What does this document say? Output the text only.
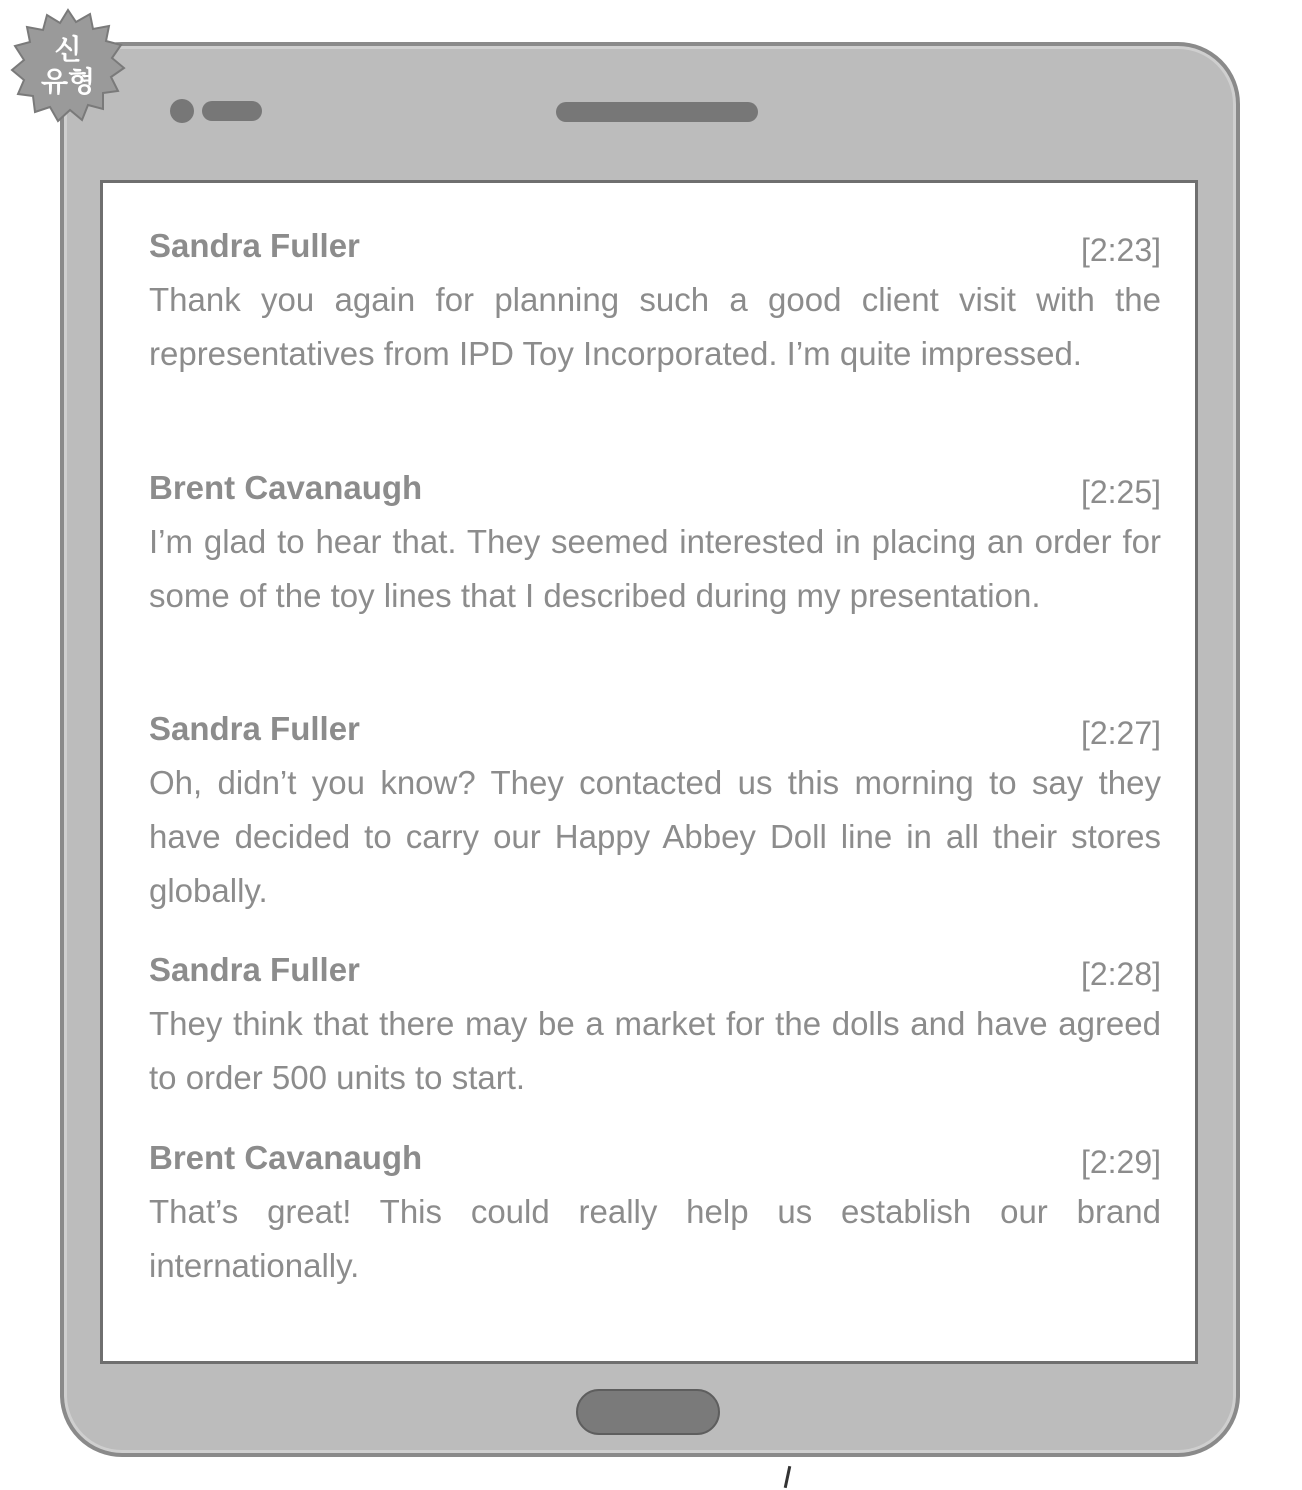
Sandra Fuller	[2:23]
Thank you again for planning such a good client visit with the representatives from IPD Toy Incorporated. I’m quite impressed.
Brent Cavanaugh	[2:25]
I’m glad to hear that. They seemed interested in placing an order for some of the toy lines that I described during my presentation.
Sandra Fuller	[2:27]
Oh, didn’t you know? They contacted us this morning to say they have decided to carry our Happy Abbey Doll line in all their stores globally.
Sandra Fuller	[2:28]
They think that there may be a market for the dolls and have agreed to order 500 units to start.
Brent Cavanaugh	[2:29]
That’s great! This could really help us establish our brand internationally.
신
유형
